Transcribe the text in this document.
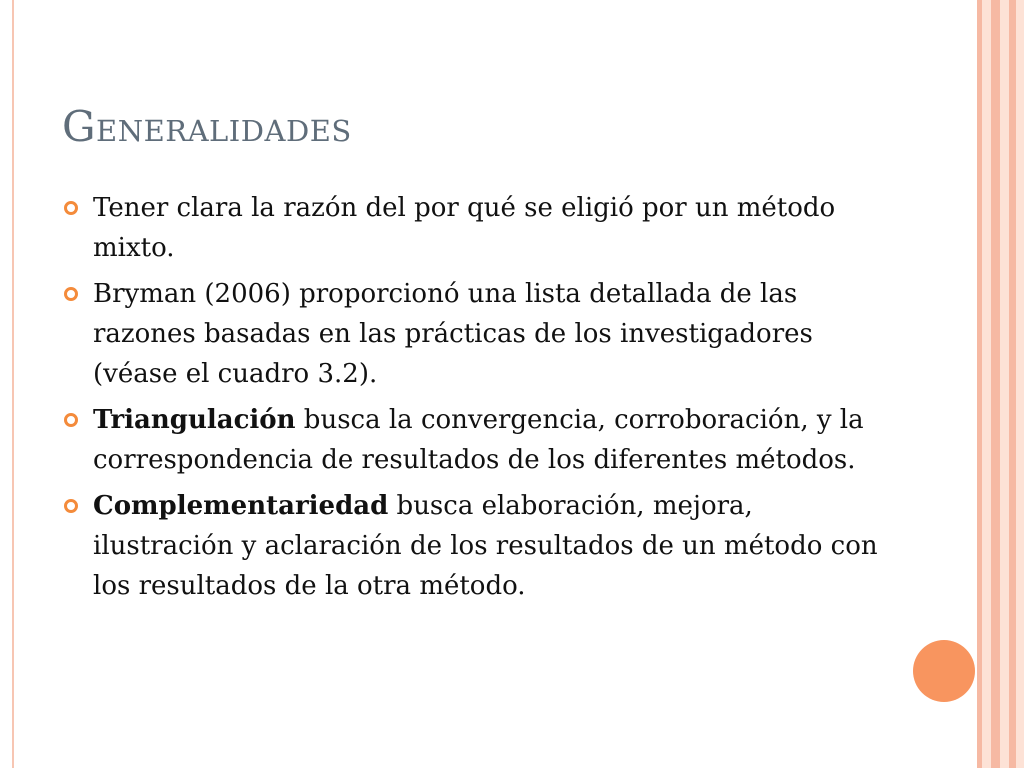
Generalidades
Tener clara la razón del por qué se eligió por un método mixto.
Bryman (2006) proporcionó una lista detallada de las razones basadas en las prácticas de los investigadores (véase el cuadro 3.2).
Triangulación busca la convergencia, corroboración, y la correspondencia de resultados de los diferentes métodos.
Complementariedad busca elaboración, mejora, ilustración y aclaración de los resultados de un método con los resultados de la otra método.
